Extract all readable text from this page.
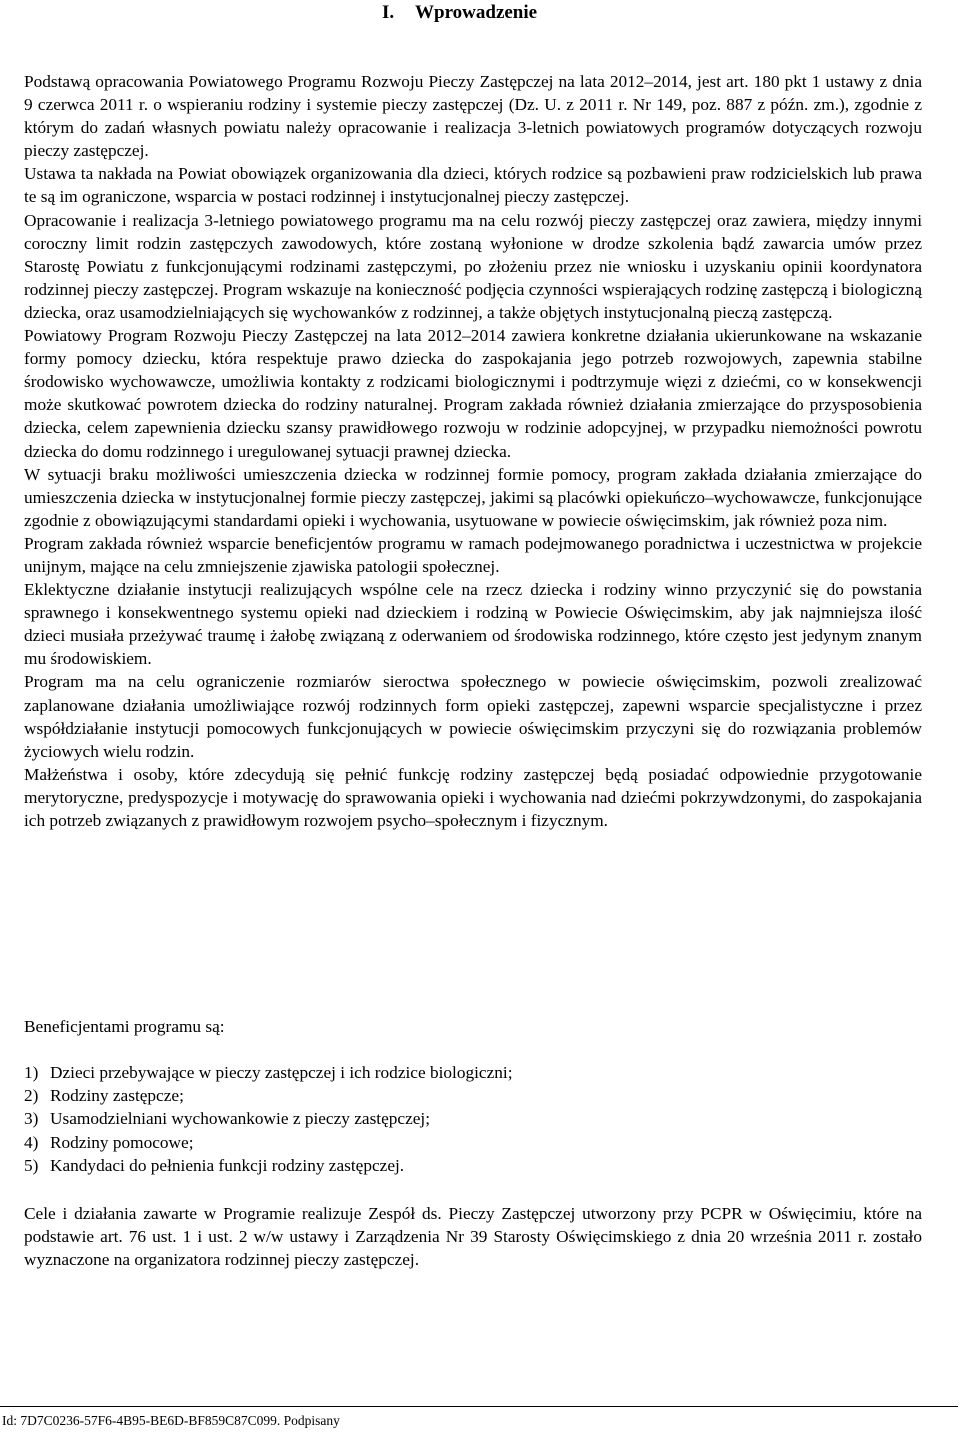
I. Wprowadzenie

Podstawą opracowania Powiatowego Programu Rozwoju Pieczy Zastępczej na lata 2012–2014, jest art. 180 pkt 1 ustawy z dnia 9 czerwca 2011 r. o wspieraniu rodziny i systemie pieczy zastępczej (Dz. U. z 2011 r. Nr 149, poz. 887 z późn. zm.), zgodnie z którym do zadań własnych powiatu należy opracowanie i realizacja 3-letnich powiatowych programów dotyczących rozwoju pieczy zastępczej.

Ustawa ta nakłada na Powiat obowiązek organizowania dla dzieci, których rodzice są pozbawieni praw rodzicielskich lub prawa te są im ograniczone, wsparcia w postaci rodzinnej i instytucjonalnej pieczy zastępczej.

Opracowanie i realizacja 3-letniego powiatowego programu ma na celu rozwój pieczy zastępczej oraz zawiera, między innymi coroczny limit rodzin zastępczych zawodowych, które zostaną wyłonione w drodze szkolenia bądź zawarcia umów przez Starostę Powiatu z funkcjonującymi rodzinami zastępczymi, po złożeniu przez nie wniosku i uzyskaniu opinii koordynatora rodzinnej pieczy zastępczej. Program wskazuje na konieczność podjęcia czynności wspierających rodzinę zastępczą i biologiczną dziecka, oraz usamodzielniających się wychowanków z rodzinnej, a także objętych instytucjonalną pieczą zastępczą.

Powiatowy Program Rozwoju Pieczy Zastępczej na lata 2012–2014 zawiera konkretne działania ukierunkowane na wskazanie formy pomocy dziecku, która respektuje prawo dziecka do zaspokajania jego potrzeb rozwojowych, zapewnia stabilne środowisko wychowawcze, umożliwia kontakty z rodzicami biologicznymi i podtrzymuje więzi z dziećmi, co w konsekwencji może skutkować powrotem dziecka do rodziny naturalnej. Program zakłada również działania zmierzające do przysposobienia dziecka, celem zapewnienia dziecku szansy prawidłowego rozwoju w rodzinie adopcyjnej, w przypadku niemożności powrotu dziecka do domu rodzinnego i uregulowanej sytuacji prawnej dziecka.

W sytuacji braku możliwości umieszczenia dziecka w rodzinnej formie pomocy, program zakłada działania zmierzające do umieszczenia dziecka w instytucjonalnej formie pieczy zastępczej, jakimi są placówki opiekuńczo–wychowawcze, funkcjonujące zgodnie z obowiązującymi standardami opieki i wychowania, usytuowane w powiecie oświęcimskim, jak również poza nim.

Program zakłada również wsparcie beneficjentów programu w ramach podejmowanego poradnictwa i uczestnictwa w projekcie unijnym, mające na celu zmniejszenie zjawiska patologii społecznej.

Eklektyczne działanie instytucji realizujących wspólne cele na rzecz dziecka i rodziny winno przyczynić się do powstania sprawnego i konsekwentnego systemu opieki nad dzieckiem i rodziną w Powiecie Oświęcimskim, aby jak najmniejsza ilość dzieci musiała przeżywać traumę i żałobę związaną z oderwaniem od środowiska rodzinnego, które często jest jedynym znanym mu środowiskiem.

Program ma na celu ograniczenie rozmiarów sieroctwa społecznego w powiecie oświęcimskim, pozwoli zrealizować zaplanowane działania umożliwiające rozwój rodzinnych form opieki zastępczej, zapewni wsparcie specjalistyczne i przez współdziałanie instytucji pomocowych funkcjonujących w powiecie oświęcimskim przyczyni się do rozwiązania problemów życiowych wielu rodzin.

Małżeństwa i osoby, które zdecydują się pełnić funkcję rodziny zastępczej będą posiadać odpowiednie przygotowanie merytoryczne, predyspozycje i motywację do sprawowania opieki i wychowania nad dziećmi pokrzywdzonymi, do zaspokajania ich potrzeb związanych z prawidłowym rozwojem psycho–społecznym i fizycznym.

Beneficjentami programu są:

1) Dzieci przebywające w pieczy zastępczej i ich rodzice biologiczni;
2) Rodziny zastępcze;
3) Usamodzielniani wychowankowie z pieczy zastępczej;
4) Rodziny pomocowe;
5) Kandydaci do pełnienia funkcji rodziny zastępczej.

Cele i działania zawarte w Programie realizuje Zespół ds. Pieczy Zastępczej utworzony przy PCPR w Oświęcimiu, które na podstawie art. 76 ust. 1 i ust. 2 w/w ustawy i Zarządzenia Nr 39 Starosty Oświęcimskiego z dnia 20 września 2011 r. zostało wyznaczone na organizatora rodzinnej pieczy zastępczej.

Id: 7D7C0236-57F6-4B95-BE6D-BF859C87C099. Podpisany
